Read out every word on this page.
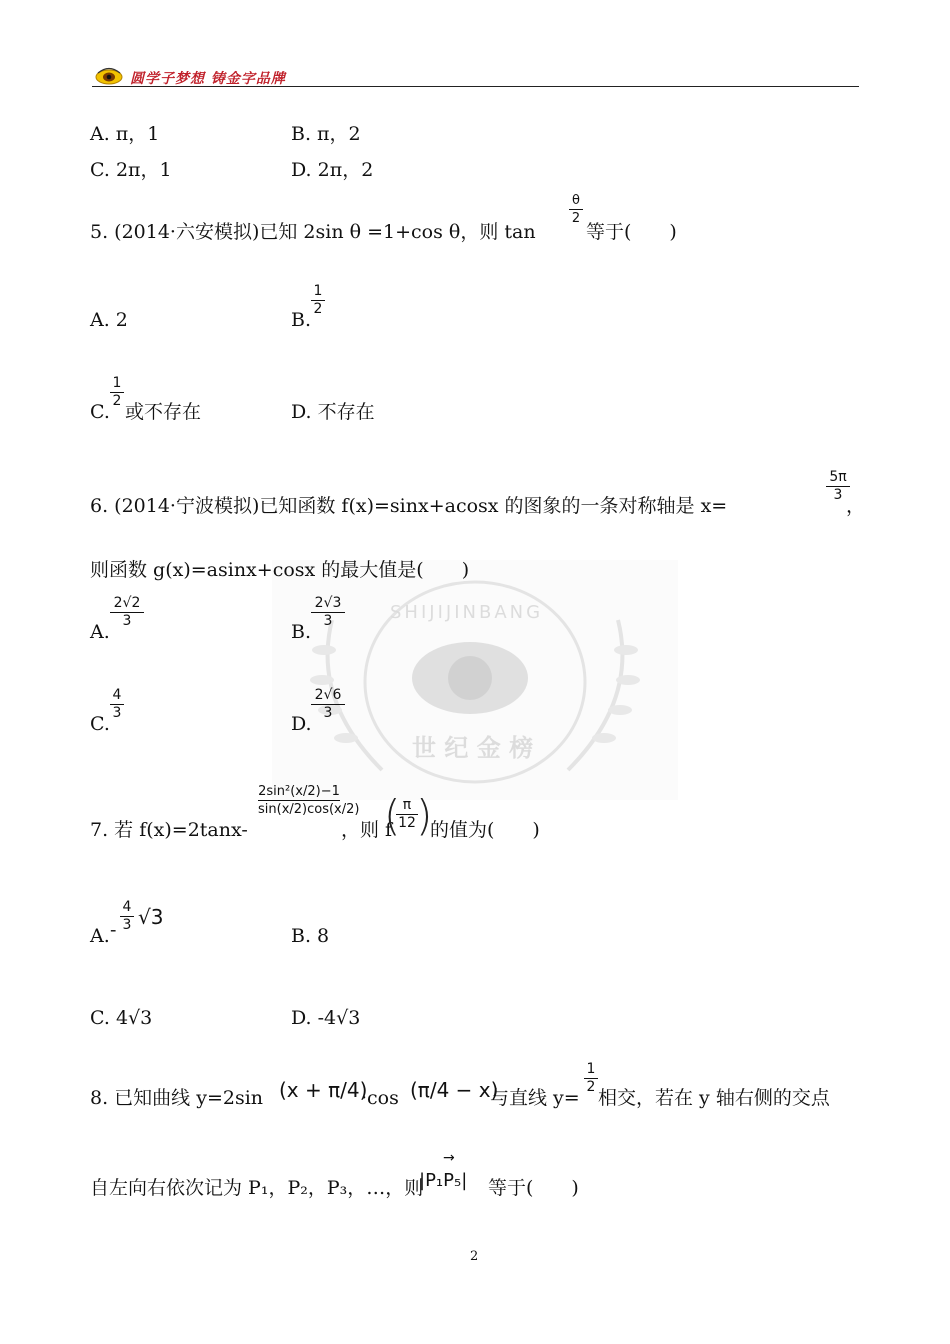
圆学子梦想 铸金字品牌
SHIJIJINBANG
世 纪 金 榜
A. π，1	B. π，2
C. 2π，1	D. 2π，2
5. (2014·六安模拟)已知 2sin θ =1+cos θ，则 tan
θ
2
等于(　　)
A. 2	B.
1
2
C.
1
2 或不存在	D. 不存在
6. (2014·宁波模拟)已知函数 f(x)=sinx+acosx 的图象的一条对称轴是 x=
5π
3 ，
则函数 g(x)=asinx+cosx 的最大值是(　　)
A.
2√2
3	B.
2√3
3
C.
4
3	D.
2√6
3
7. 若 f(x)=2tanx-
2sin²(x/2)−1
sin(x/2)cos(x/2)
，则 f
( π
12 )
的值为(　　)
A. -
4
3 √3
B. 8
C. 4√3	D. -4√3
8. 已知曲线 y=2sin (x + π/4)
·cos (π/4 − x)
与直线 y=
1
2 相交，若在 y 轴右侧的交点
自左向右依次记为 P₁，P₂，P₃，…，则
→
|P₁P₅| 等于(　　)
2
